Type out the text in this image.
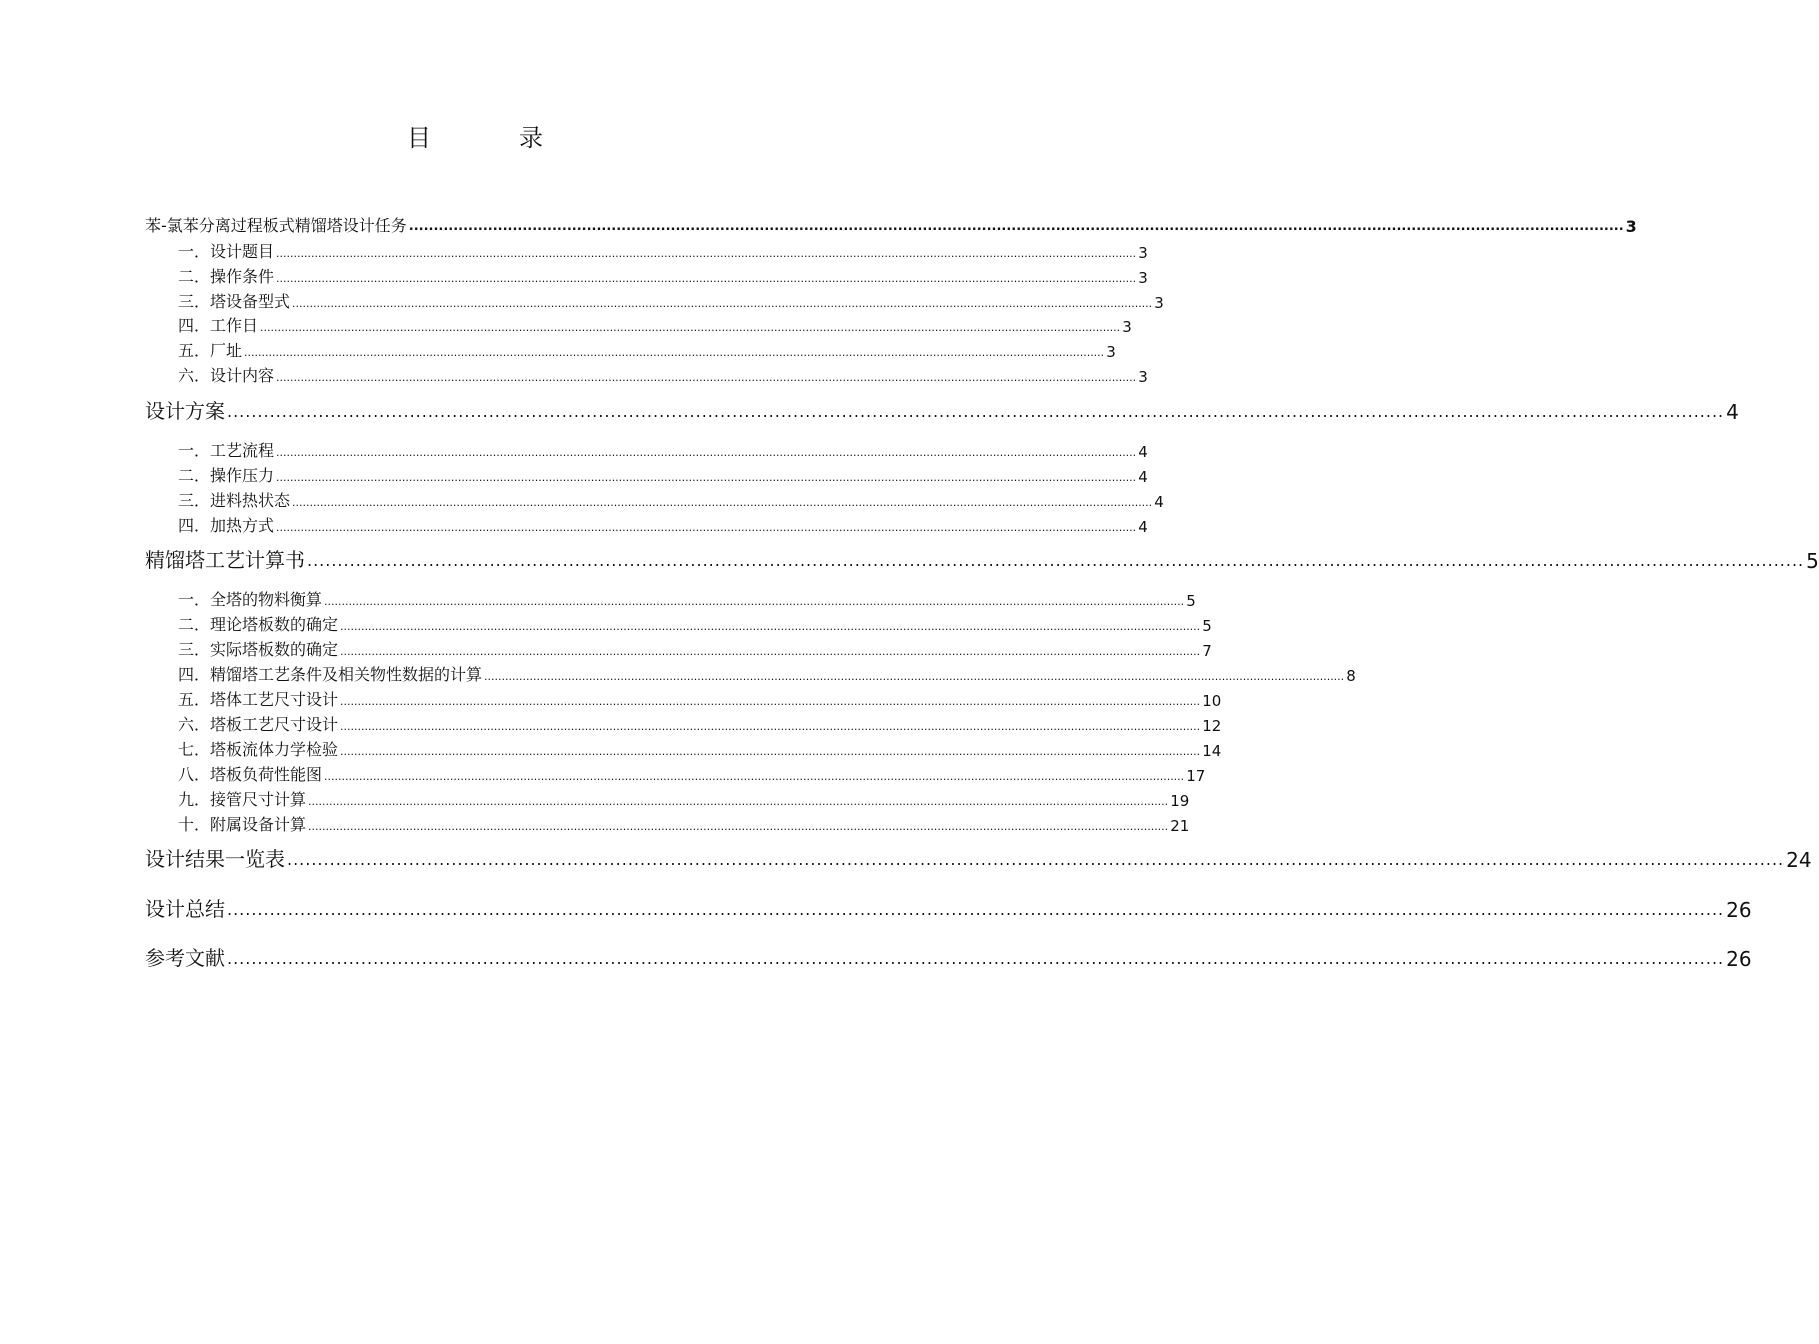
目	录
苯-氯苯分离过程板式精馏塔设计任务 ...................................................................................................................................................................................................................................................... 3
一．设计题目 ...................................................................................................................................................................................................................................................... 3
二．操作条件 ...................................................................................................................................................................................................................................................... 3
三．塔设备型式 ...................................................................................................................................................................................................................................................... 3
四．工作日 ...................................................................................................................................................................................................................................................... 3
五．厂址 ...................................................................................................................................................................................................................................................... 3
六．设计内容 ...................................................................................................................................................................................................................................................... 3
设计方案 ...................................................................................................................................................................................................................................................... 4
一．工艺流程 ...................................................................................................................................................................................................................................................... 4
二．操作压力 ...................................................................................................................................................................................................................................................... 4
三．进料热状态 ...................................................................................................................................................................................................................................................... 4
四．加热方式 ...................................................................................................................................................................................................................................................... 4
精馏塔工艺计算书 ...................................................................................................................................................................................................................................................... 5
一．全塔的物料衡算 ...................................................................................................................................................................................................................................................... 5
二．理论塔板数的确定 ...................................................................................................................................................................................................................................................... 5
三．实际塔板数的确定 ...................................................................................................................................................................................................................................................... 7
四．精馏塔工艺条件及相关物性数据的计算 ...................................................................................................................................................................................................................................................... 8
五．塔体工艺尺寸设计 ...................................................................................................................................................................................................................................................... 10
六．塔板工艺尺寸设计 ...................................................................................................................................................................................................................................................... 12
七．塔板流体力学检验 ...................................................................................................................................................................................................................................................... 14
八．塔板负荷性能图 ...................................................................................................................................................................................................................................................... 17
九．接管尺寸计算 ...................................................................................................................................................................................................................................................... 19
十．附属设备计算 ...................................................................................................................................................................................................................................................... 21
设计结果一览表 ...................................................................................................................................................................................................................................................... 24
设计总结 ...................................................................................................................................................................................................................................................... 26
参考文献 ...................................................................................................................................................................................................................................................... 26
